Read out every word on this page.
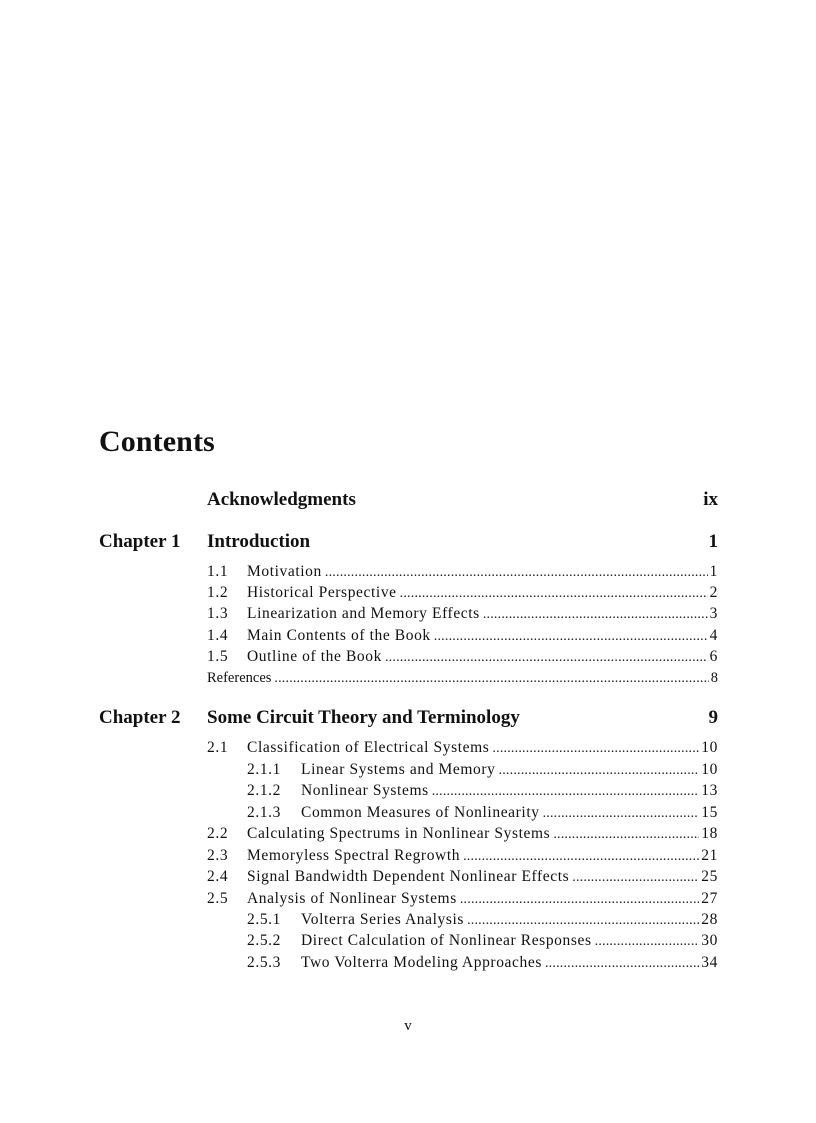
Contents
Acknowledgments	ix
Chapter 1 Introduction	1
1.1	Motivation .....	1
1.2	Historical Perspective .....	2
1.3	Linearization and Memory Effects .....	3
1.4	Main Contents of the Book .....	4
1.5	Outline of the Book .....	6
References .....	8
Chapter 2 Some Circuit Theory and Terminology	9
2.1	Classification of Electrical Systems .....	10
2.1.1	Linear Systems and Memory .....	10
2.1.2	Nonlinear Systems .....	13
2.1.3	Common Measures of Nonlinearity .....	15
2.2	Calculating Spectrums in Nonlinear Systems .....	18
2.3	Memoryless Spectral Regrowth .....	21
2.4	Signal Bandwidth Dependent Nonlinear Effects .....	25
2.5	Analysis of Nonlinear Systems .....	27
2.5.1	Volterra Series Analysis .....	28
2.5.2	Direct Calculation of Nonlinear Responses .....	30
2.5.3	Two Volterra Modeling Approaches .....	34
v
